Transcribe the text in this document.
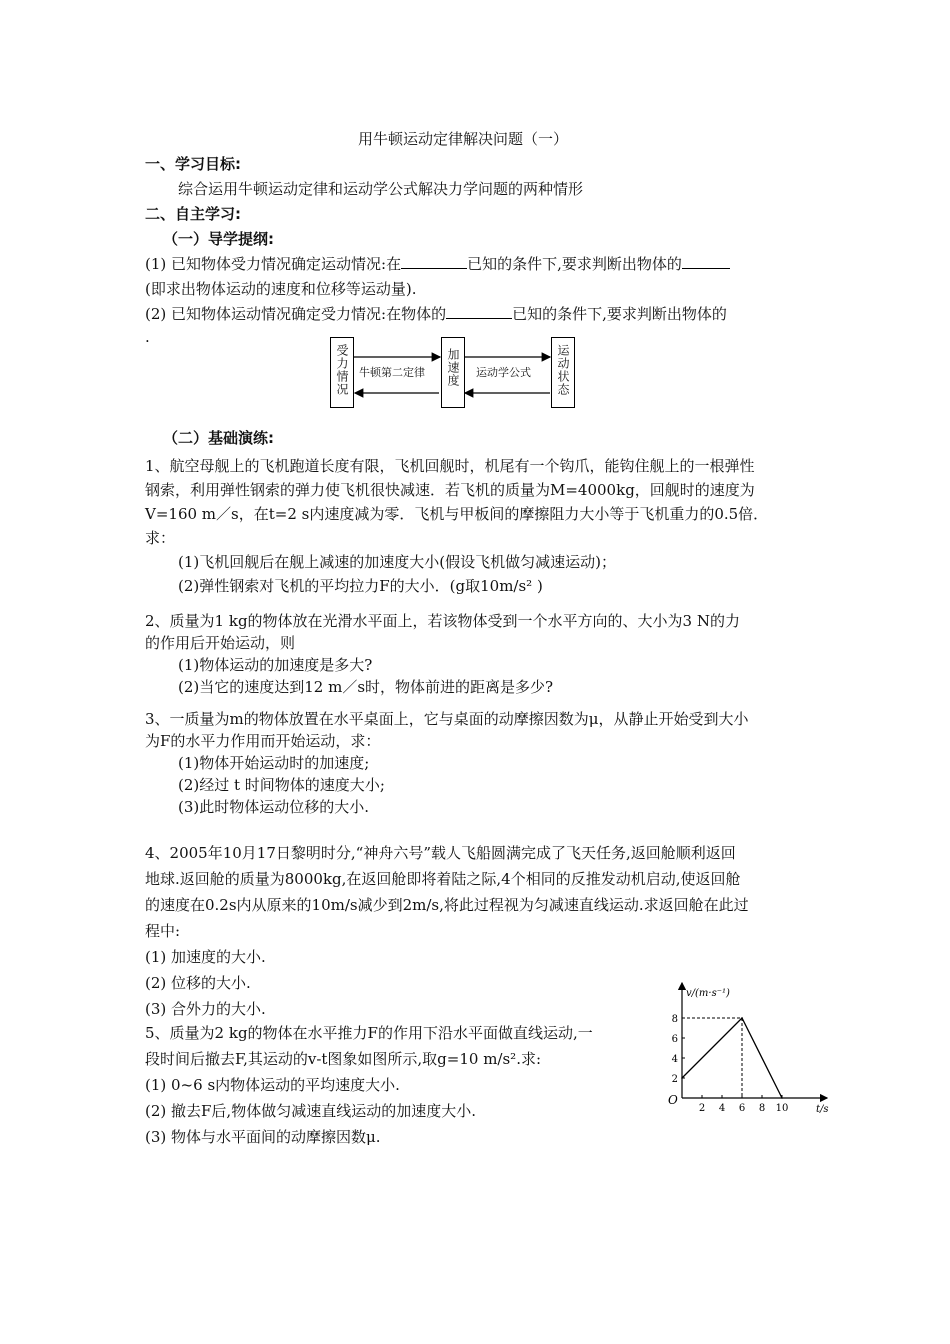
用牛顿运动定律解决问题（一）
一、学习目标:
综合运用牛顿运动定律和运动学公式解决力学问题的两种情形
二、自主学习:
（一）导学提纲:
(1) 已知物体受力情况确定运动情况:在	已知的条件下,要求判断出物体的
(即求出物体运动的速度和位移等运动量).
(2) 已知物体运动情况确定受力情况:在物体的	已知的条件下,要求判断出物体的
.
受力情况	加速度	运动状态
牛顿第二定律	运动学公式
（二）基础演练:
1、航空母舰上的飞机跑道长度有限，飞机回舰时，机尾有一个钩爪，能钩住舰上的一根弹性
钢索，利用弹性钢索的弹力使飞机很快减速．若飞机的质量为M=4000kg，回舰时的速度为
V=160 m／s，在t=2 s内速度减为零．飞机与甲板间的摩擦阻力大小等于飞机重力的0.5倍．
求：
(1)飞机回舰后在舰上减速的加速度大小(假设飞机做匀减速运动)；
(2)弹性钢索对飞机的平均拉力F的大小．(g取10m/s² )
2、质量为1 kg的物体放在光滑水平面上，若该物体受到一个水平方向的、大小为3 N的力
的作用后开始运动，则
(1)物体运动的加速度是多大?
(2)当它的速度达到12 m／s时，物体前进的距离是多少?
3、一质量为m的物体放置在水平桌面上，它与桌面的动摩擦因数为μ，从静止开始受到大小
为F的水平力作用而开始运动，求：
(1)物体开始运动时的加速度;
(2)经过 t 时间物体的速度大小;
(3)此时物体运动位移的大小.
4、2005年10月17日黎明时分,“神舟六号”载人飞船圆满完成了飞天任务,返回舱顺利返回
地球.返回舱的质量为8000kg,在返回舱即将着陆之际,4个相同的反推发动机启动,使返回舱
的速度在0.2s内从原来的10m/s减少到2m/s,将此过程视为匀减速直线运动.求返回舱在此过
程中:
(1) 加速度的大小.
(2) 位移的大小.
(3) 合外力的大小.
5、质量为2 kg的物体在水平推力F的作用下沿水平面做直线运动,一
段时间后撤去F,其运动的v-t图象如图所示,取g=10 m/s².求:
(1) 0~6 s内物体运动的平均速度大小.
(2) 撤去F后,物体做匀减速直线运动的加速度大小.
(3) 物体与水平面间的动摩擦因数μ.
v/(m·s⁻¹)
t/s
O
2 4 6 8 10
2
4
6
8
